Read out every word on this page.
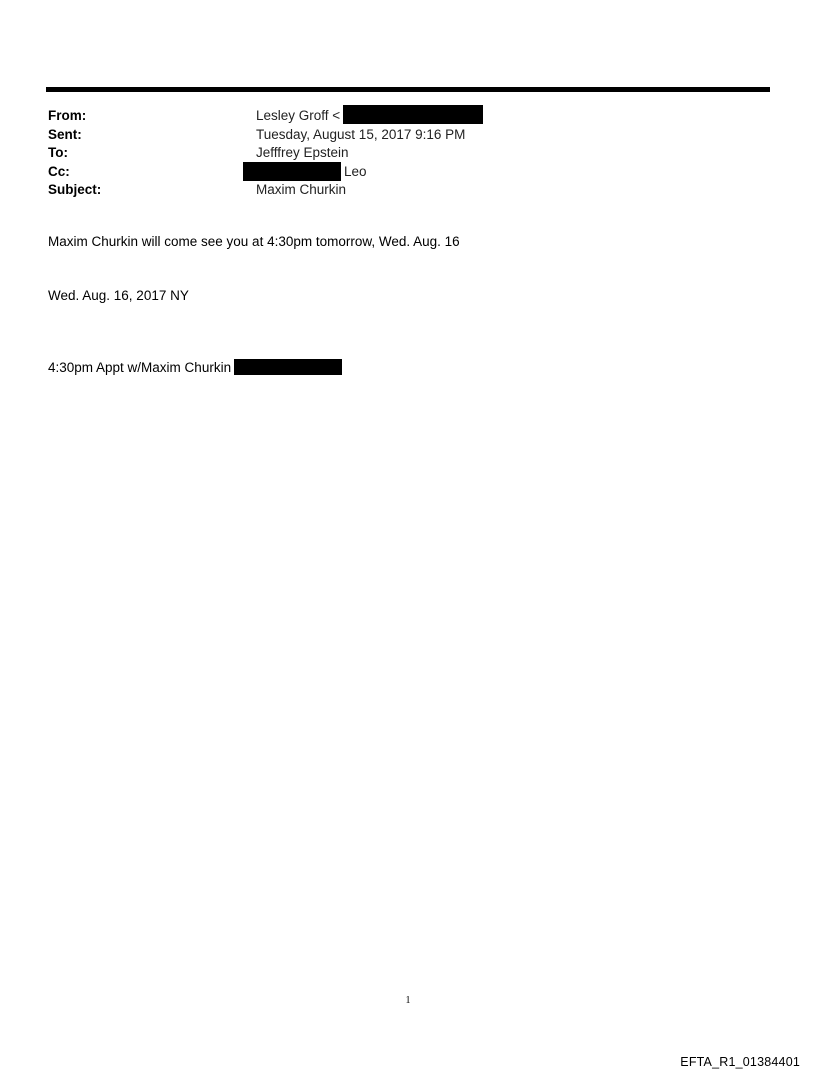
From:	Lesley Groff <
Sent:	Tuesday, August 15, 2017 9:16 PM
To:	Jefffrey Epstein
Cc:	Leo
Subject:	Maxim Churkin
Maxim Churkin will come see you at 4:30pm tomorrow, Wed. Aug. 16
Wed. Aug. 16, 2017 NY
4:30pm Appt w/Maxim Churkin
1
EFTA_R1_01384401
